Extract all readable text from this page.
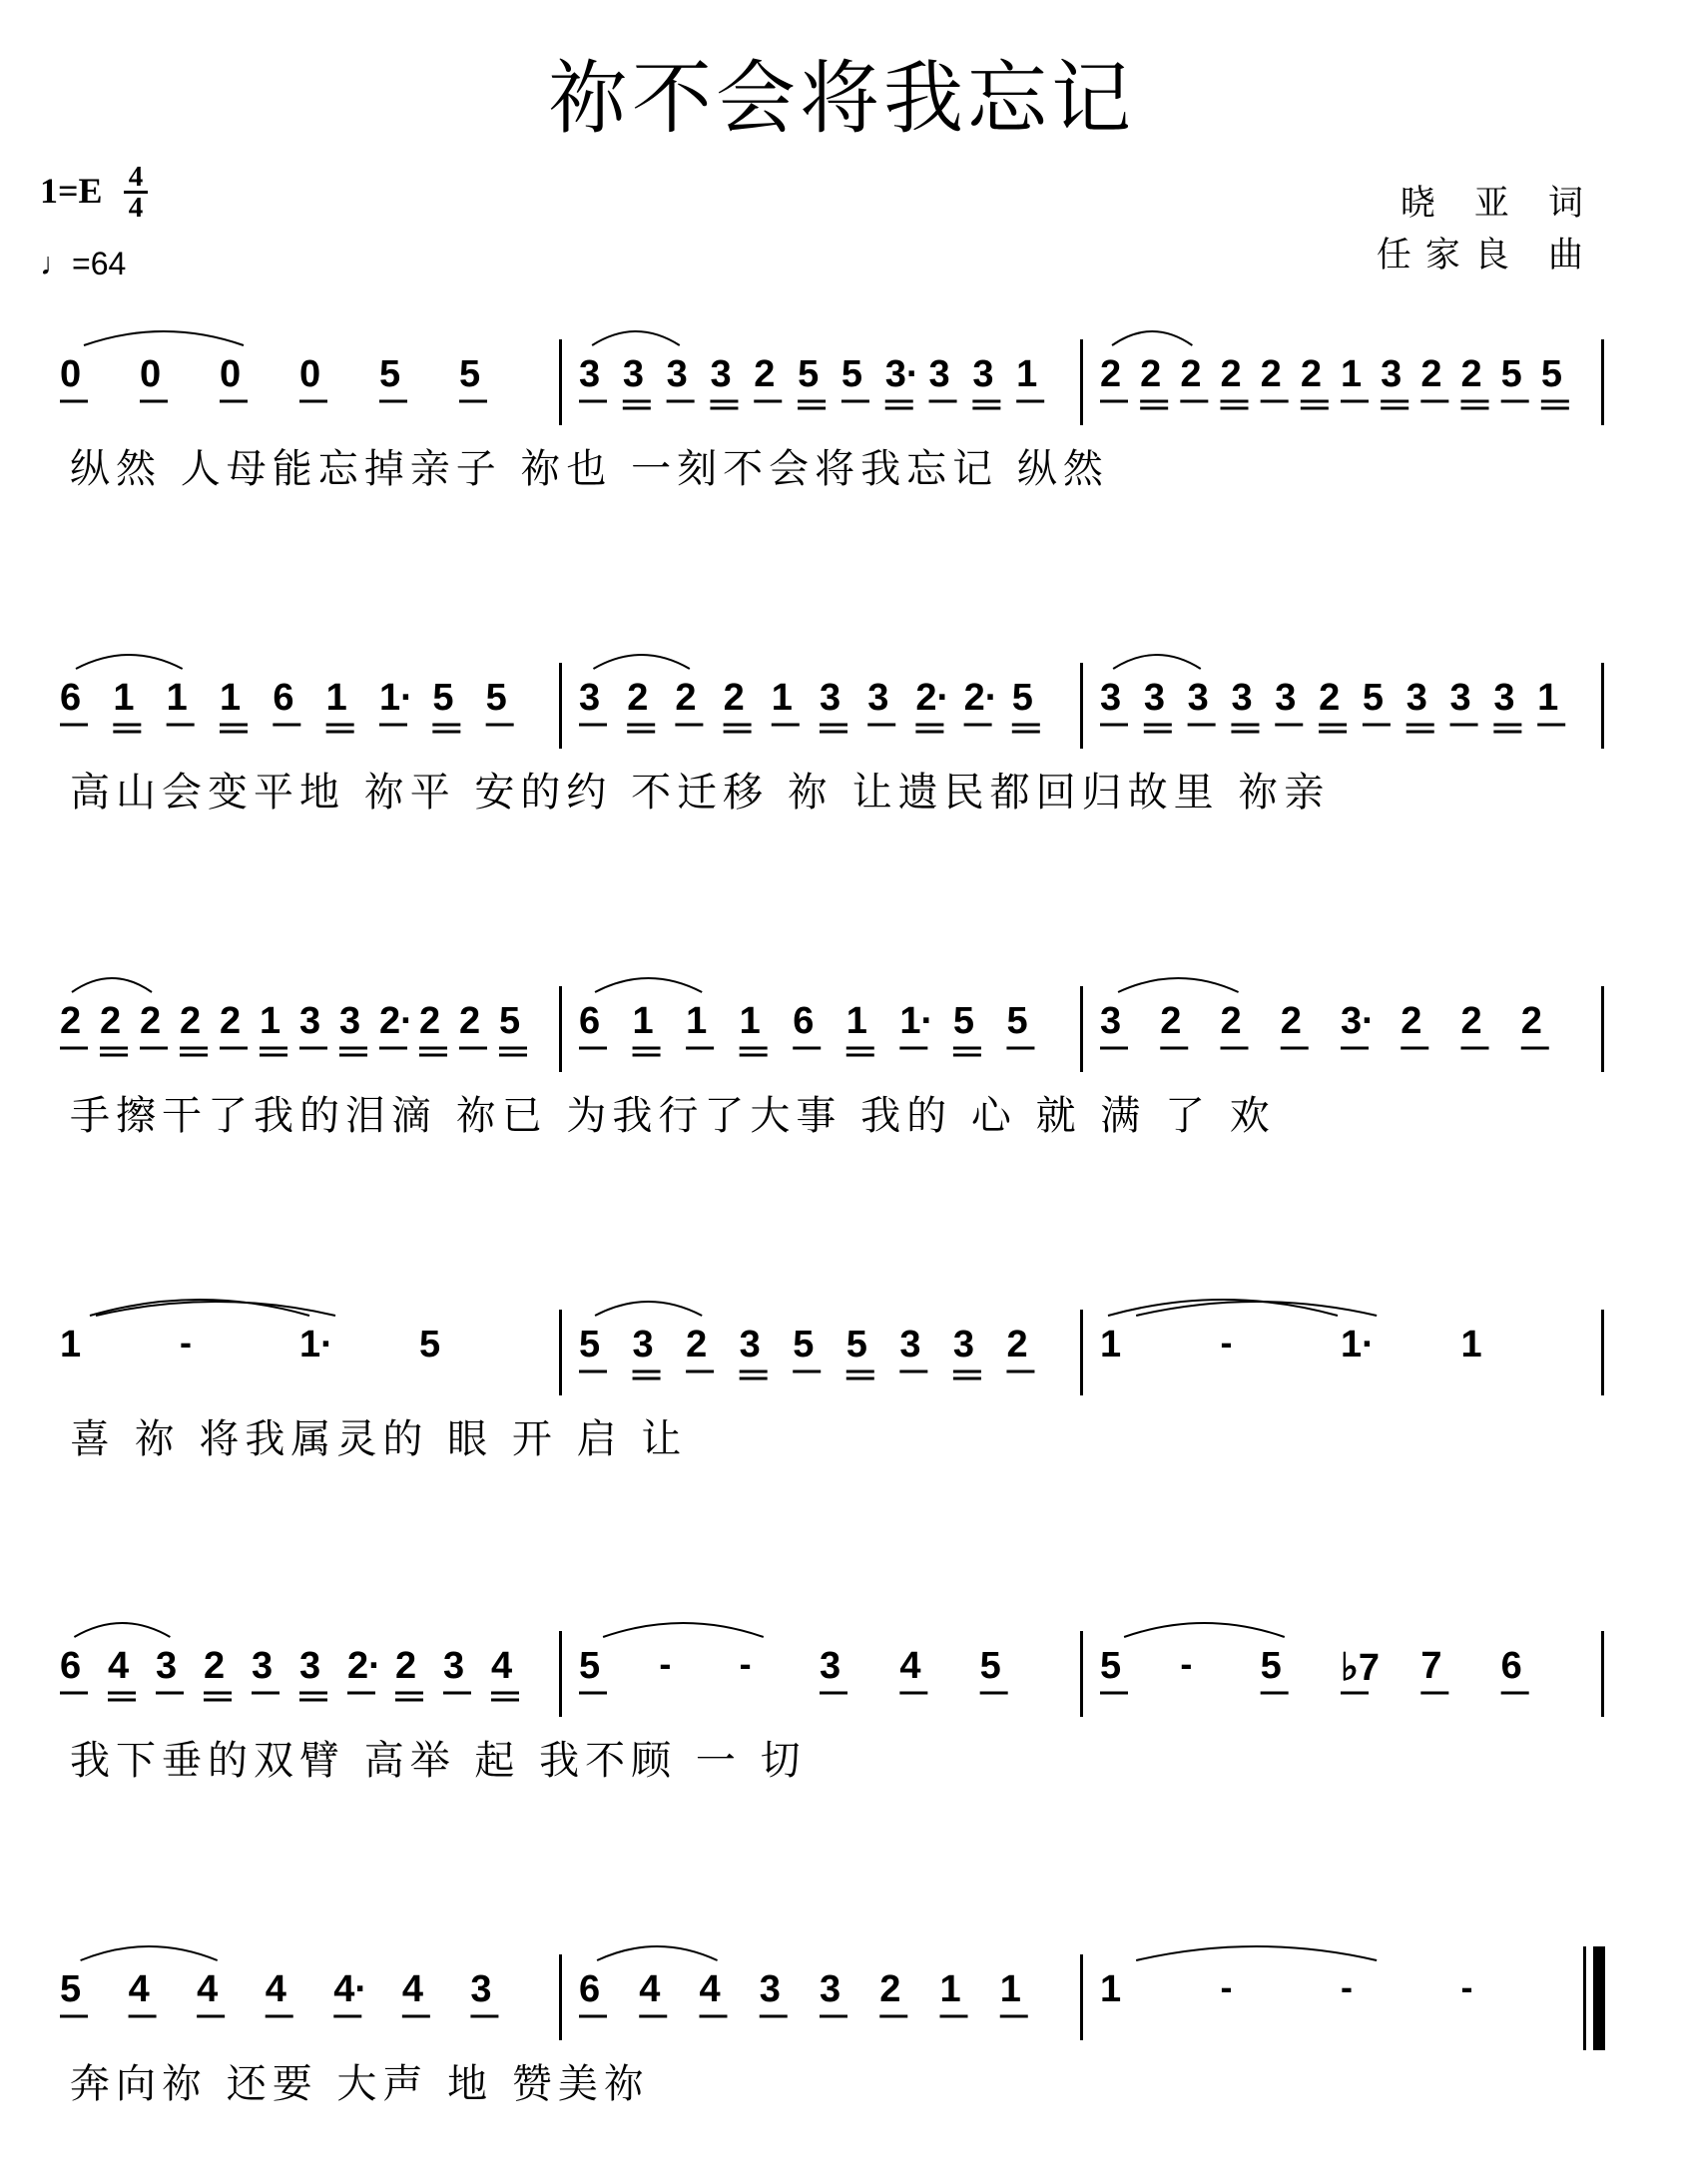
祢不会将我忘记
1=E 4
4
♩=64
晓 亚 词
任家良 曲
0	0	0	0	5	5	3 3 3 3 2 5 5 3· 3 3 1	2 2 2 2 2 2 1 3 2 2 5 5
纵然 人母能忘掉亲子 祢也 一刻不会将我忘记 纵然
6 1 1 1 6 1 1· 5 5	3 2 2 2 1 3 3 2· 2· 5	3 3 3 3 3 2 5 3 3 3 1
高山会变平地 祢平 安的约 不迁移 祢 让遗民都回归故里 祢亲
2 2 2 2 2 1 3 3 2· 2 2 5	6 1 1 1 6 1 1· 5 5	3	2	2	2	3· 2	2	2
手擦干了我的泪滴 祢已 为我行了大事 我的 心 就 满 了 欢
1	-	1·	5	5 3 2 3 5 5 3 3 2	1	-	1·	1
喜 祢 将我属灵的 眼 开 启 让
6 4 3 2 3 3 2· 2 3 4	5	-	-	3	4	5	5	-	5	♭7	7	6
我下垂的双臂 高举 起 我不顾 一 切
5	4	4	4	4· 4	3	6	4	4	3	3	2	1	1	1	-	-	-
奔向祢 还要 大声 地 赞美祢
